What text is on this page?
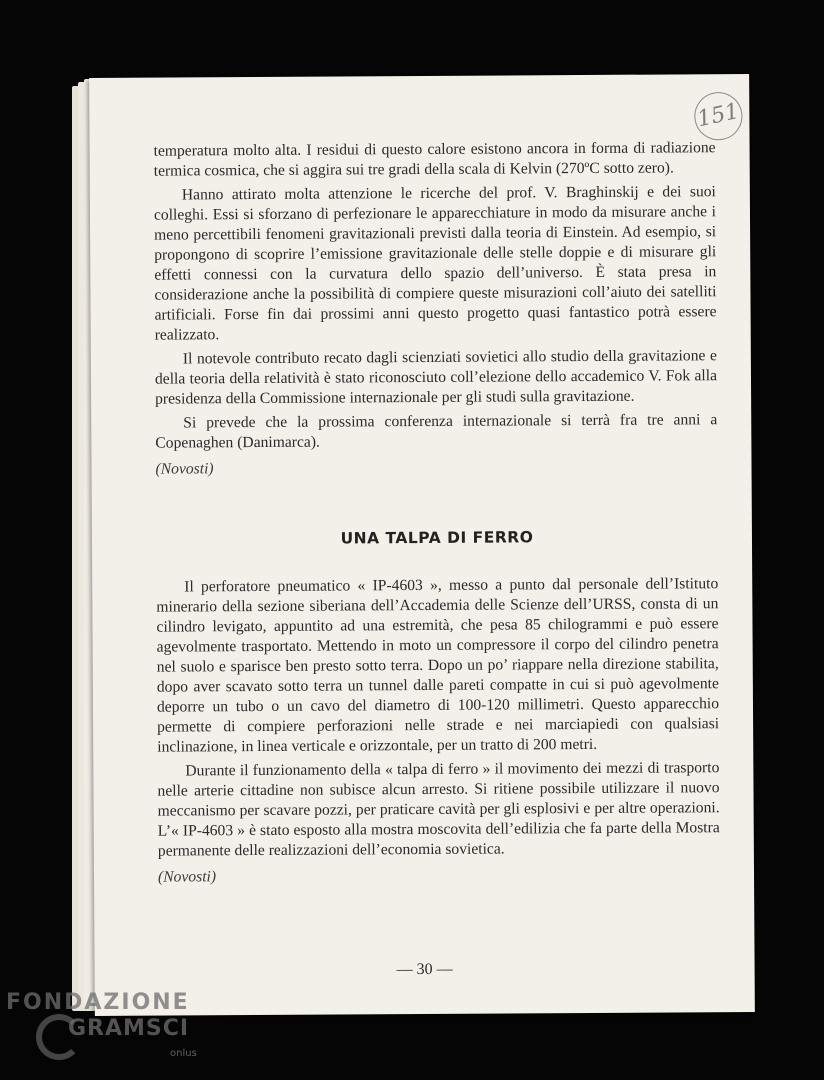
151

temperatura molto alta. I residui di questo calore esistono ancora in forma di radiazione termica cosmica, che si aggira sui tre gradi della scala di Kelvin (270ºC sotto zero).

Hanno attirato molta attenzione le ricerche del prof. V. Braghinskij e dei suoi colleghi. Essi si sforzano di perfezionare le apparecchiature in modo da misurare anche i meno percettibili fenomeni gravitazionali previsti dalla teoria di Einstein. Ad esempio, si propongono di scoprire l’emissione gravitazionale delle stelle doppie e di misurare gli effetti connessi con la curvatura dello spazio dell’universo. È stata presa in considerazione anche la possibilità di compiere queste misurazioni coll’aiuto dei satelliti artificiali. Forse fin dai prossimi anni questo progetto quasi fantastico potrà essere realizzato.

Il notevole contributo recato dagli scienziati sovietici allo studio della gravitazione e della teoria della relatività è stato riconosciuto coll’elezione dello accademico V. Fok alla presidenza della Commissione internazionale per gli studi sulla gravitazione.

Si prevede che la prossima conferenza internazionale si terrà fra tre anni a Copenaghen (Danimarca).

(Novosti)

UNA TALPA DI FERRO

Il perforatore pneumatico « IP-4603 », messo a punto dal personale dell’Istituto minerario della sezione siberiana dell’Accademia delle Scienze dell’URSS, consta di un cilindro levigato, appuntito ad una estremità, che pesa 85 chilogrammi e può essere agevolmente trasportato. Mettendo in moto un compressore il corpo del cilindro penetra nel suolo e sparisce ben presto sotto terra. Dopo un po’ riappare nella direzione stabilita, dopo aver scavato sotto terra un tunnel dalle pareti compatte in cui si può agevolmente deporre un tubo o un cavo del diametro di 100-120 millimetri. Questo apparecchio permette di compiere perforazioni nelle strade e nei marciapiedi con qualsiasi inclinazione, in linea verticale e orizzontale, per un tratto di 200 metri.

Durante il funzionamento della « talpa di ferro » il movimento dei mezzi di trasporto nelle arterie cittadine non subisce alcun arresto. Si ritiene possibile utilizzare il nuovo meccanismo per scavare pozzi, per praticare cavità per gli esplosivi e per altre operazioni. L’« IP-4603 » è stato esposto alla mostra moscovita dell’edilizia che fa parte della Mostra permanente delle realizzazioni dell’economia sovietica.

(Novosti)

— 30 —
FONDAZIONE
GRAMSCI
onlus
